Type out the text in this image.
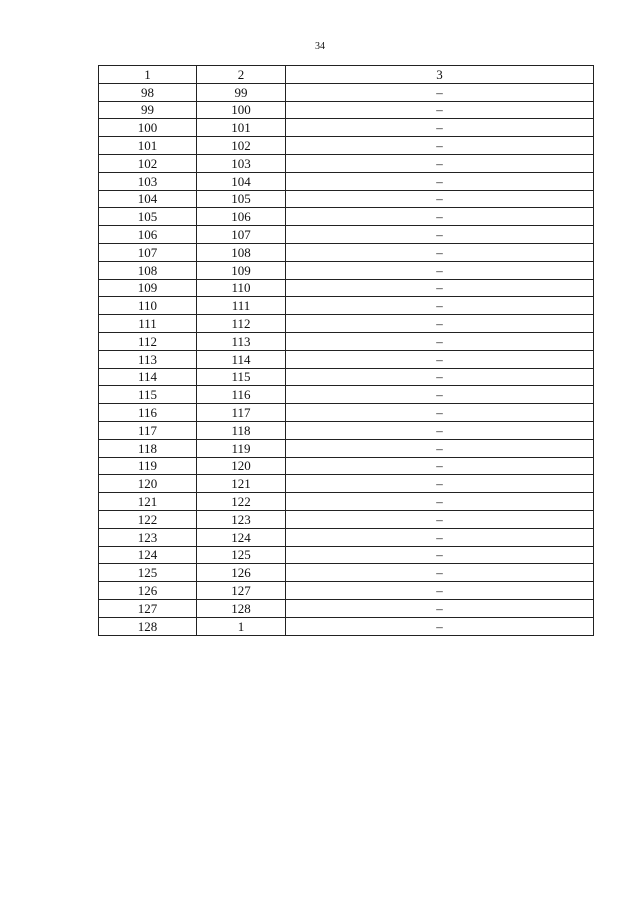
34
1	2	3
98	99	–
99	100	–
100	101	–
101	102	–
102	103	–
103	104	–
104	105	–
105	106	–
106	107	–
107	108	–
108	109	–
109	110	–
110	111	–
111	112	–
112	113	–
113	114	–
114	115	–
115	116	–
116	117	–
117	118	–
118	119	–
119	120	–
120	121	–
121	122	–
122	123	–
123	124	–
124	125	–
125	126	–
126	127	–
127	128	–
128	1	–
